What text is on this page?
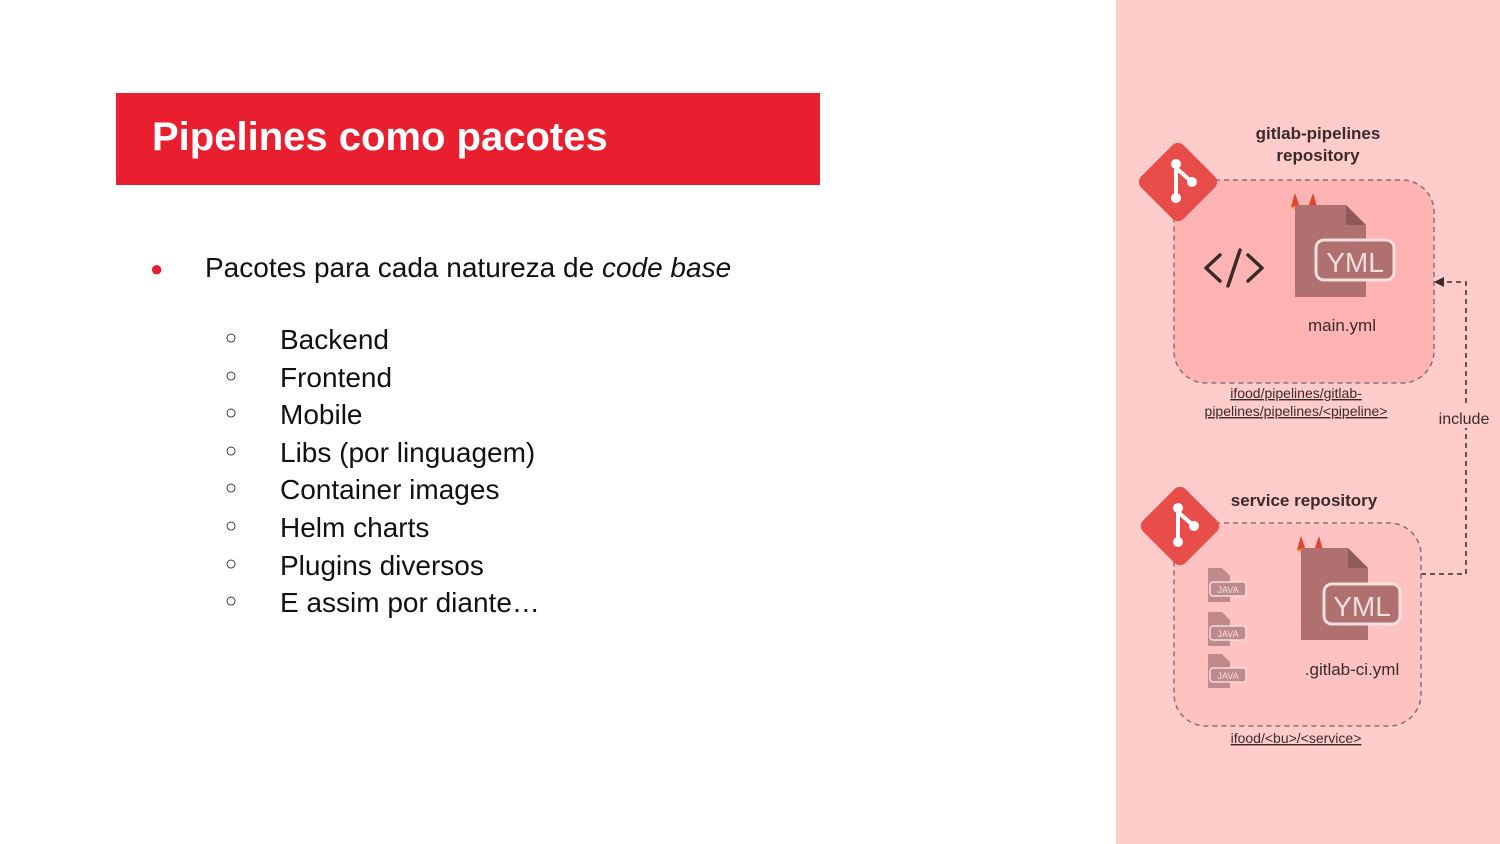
Pipelines como pacotes
● Pacotes para cada natureza de code base
○ Backend
○ Frontend
○ Mobile
○ Libs (por linguagem)
○ Container images
○ Helm charts
○ Plugins diversos
○ E assim por diante…
gitlab-pipelines
repository
YML
main.yml
ifood/pipelines/gitlab-
pipelines/pipelines/<pipeline>	include
service repository
JAVA
JAVA
JAVA
YML
.gitlab-ci.yml
ifood/<bu>/<service>
